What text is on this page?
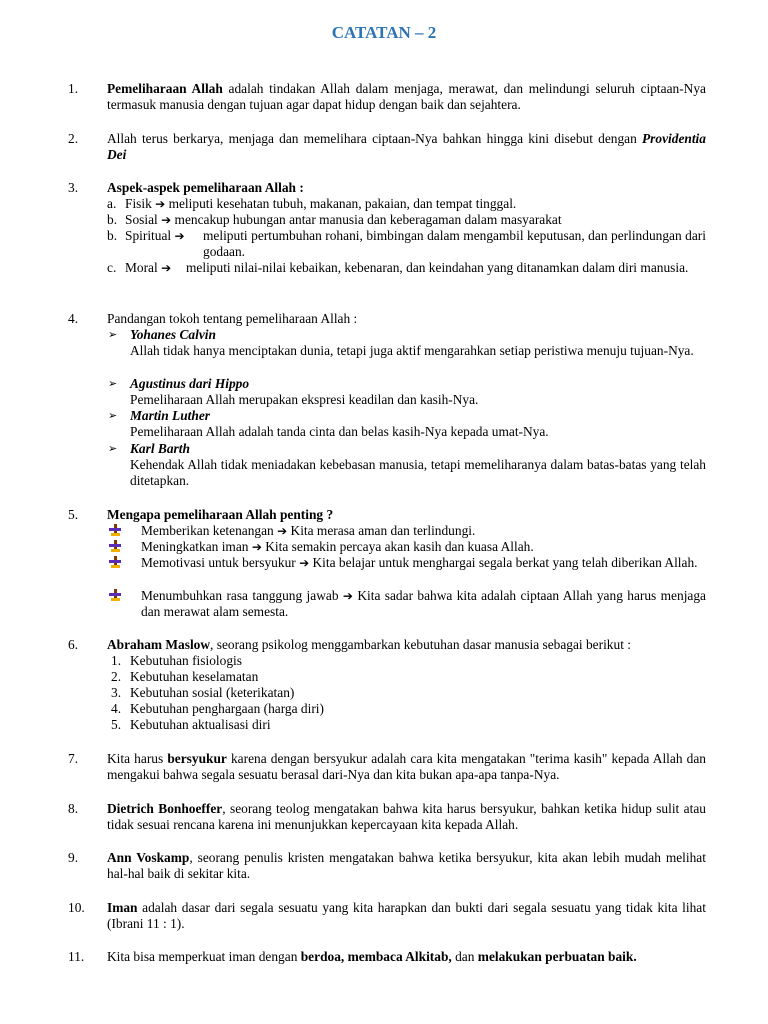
CATATAN – 2
1. Pemeliharaan Allah adalah tindakan Allah dalam menjaga, merawat, dan melindungi seluruh ciptaan-Nya termasuk manusia dengan tujuan agar dapat hidup dengan baik dan sejahtera.
2. Allah terus berkarya, menjaga dan memelihara ciptaan-Nya bahkan hingga kini disebut dengan Providentia Dei
3. Aspek-aspek pemeliharaan Allah :
a. Fisik ➔ meliputi kesehatan tubuh, makanan, pakaian, dan tempat tinggal.
b. Sosial ➔ mencakup hubungan antar manusia dan keberagaman dalam masyarakat
b. Spiritual ➔ meliputi pertumbuhan rohani, bimbingan dalam mengambil keputusan, dan perlindungan dari godaan.
c. Moral ➔ meliputi nilai-nilai kebaikan, kebenaran, dan keindahan yang ditanamkan dalam diri manusia.
4. Pandangan tokoh tentang pemeliharaan Allah :
➢ Yohanes Calvin
Allah tidak hanya menciptakan dunia, tetapi juga aktif mengarahkan setiap peristiwa menuju tujuan-Nya.
➢ Agustinus dari Hippo
Pemeliharaan Allah merupakan ekspresi keadilan dan kasih-Nya.
➢ Martin Luther
Pemeliharaan Allah adalah tanda cinta dan belas kasih-Nya kepada umat-Nya.
➢ Karl Barth
Kehendak Allah tidak meniadakan kebebasan manusia, tetapi memeliharanya dalam batas-batas yang telah ditetapkan.
5. Mengapa pemeliharaan Allah penting ?
Memberikan ketenangan ➔ Kita merasa aman dan terlindungi.
Meningkatkan iman ➔ Kita semakin percaya akan kasih dan kuasa Allah.
Memotivasi untuk bersyukur ➔ Kita belajar untuk menghargai segala berkat yang telah diberikan Allah.
Menumbuhkan rasa tanggung jawab ➔ Kita sadar bahwa kita adalah ciptaan Allah yang harus menjaga dan merawat alam semesta.
6. Abraham Maslow, seorang psikolog menggambarkan kebutuhan dasar manusia sebagai berikut :
1. Kebutuhan fisiologis
2. Kebutuhan keselamatan
3. Kebutuhan sosial (keterikatan)
4. Kebutuhan penghargaan (harga diri)
5. Kebutuhan aktualisasi diri
7. Kita harus bersyukur karena dengan bersyukur adalah cara kita mengatakan "terima kasih" kepada Allah dan mengakui bahwa segala sesuatu berasal dari-Nya dan kita bukan apa-apa tanpa-Nya.
8. Dietrich Bonhoeffer, seorang teolog mengatakan bahwa kita harus bersyukur, bahkan ketika hidup sulit atau tidak sesuai rencana karena ini menunjukkan kepercayaan kita kepada Allah.
9. Ann Voskamp, seorang penulis kristen mengatakan bahwa ketika bersyukur, kita akan lebih mudah melihat hal-hal baik di sekitar kita.
10. Iman adalah dasar dari segala sesuatu yang kita harapkan dan bukti dari segala sesuatu yang tidak kita lihat (Ibrani 11 : 1).
11. Kita bisa memperkuat iman dengan berdoa, membaca Alkitab, dan melakukan perbuatan baik.
